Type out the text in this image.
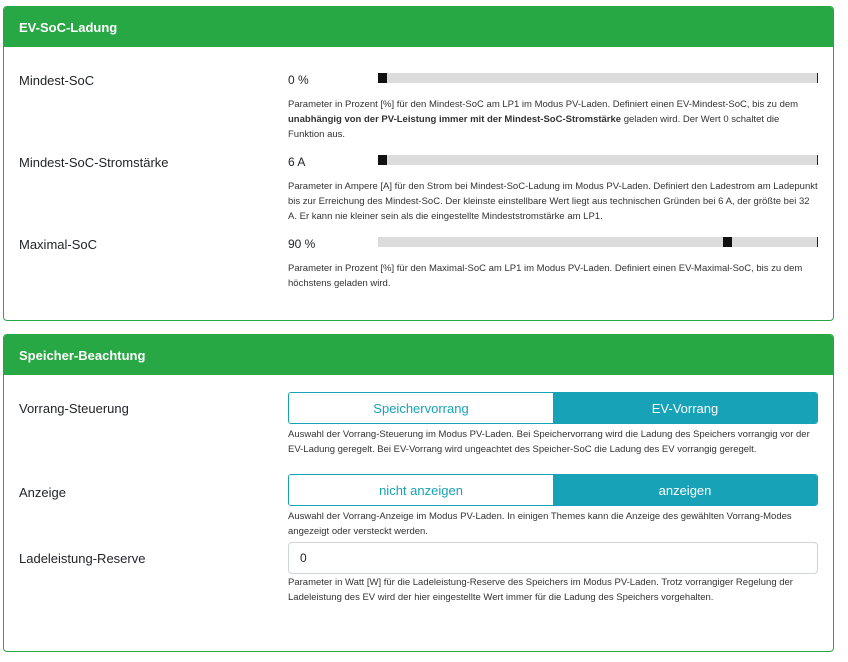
EV-SoC-Ladung
Mindest-SoC	0 %
Parameter in Prozent [%] für den Mindest-SoC am LP1 im Modus PV-Laden. Definiert einen EV-Mindest-SoC, bis zu dem unabhängig von der PV-Leistung immer mit der Mindest-SoC-Stromstärke geladen wird. Der Wert 0 schaltet die Funktion aus.
Mindest-SoC-Stromstärke	6 A
Parameter in Ampere [A] für den Strom bei Mindest-SoC-Ladung im Modus PV-Laden. Definiert den Ladestrom am Ladepunkt bis zur Erreichung des Mindest-SoC. Der kleinste einstellbare Wert liegt aus technischen Gründen bei 6 A, der größte bei 32 A. Er kann nie kleiner sein als die eingestellte Mindeststromstärke am LP1.
Maximal-SoC	90 %
Parameter in Prozent [%] für den Maximal-SoC am LP1 im Modus PV-Laden. Definiert einen EV-Maximal-SoC, bis zu dem höchstens geladen wird.
Speicher-Beachtung
Vorrang-Steuerung	Speichervorrang	EV-Vorrang
Auswahl der Vorrang-Steuerung im Modus PV-Laden. Bei Speichervorrang wird die Ladung des Speichers vorrangig vor der EV-Ladung geregelt. Bei EV-Vorrang wird ungeachtet des Speicher-SoC die Ladung des EV vorrangig geregelt.
Anzeige	nicht anzeigen	anzeigen
Auswahl der Vorrang-Anzeige im Modus PV-Laden. In einigen Themes kann die Anzeige des gewählten Vorrang-Modes angezeigt oder versteckt werden.
Ladeleistung-Reserve	0
Parameter in Watt [W] für die Ladeleistung-Reserve des Speichers im Modus PV-Laden. Trotz vorrangiger Regelung der Ladeleistung des EV wird der hier eingestellte Wert immer für die Ladung des Speichers vorgehalten.
